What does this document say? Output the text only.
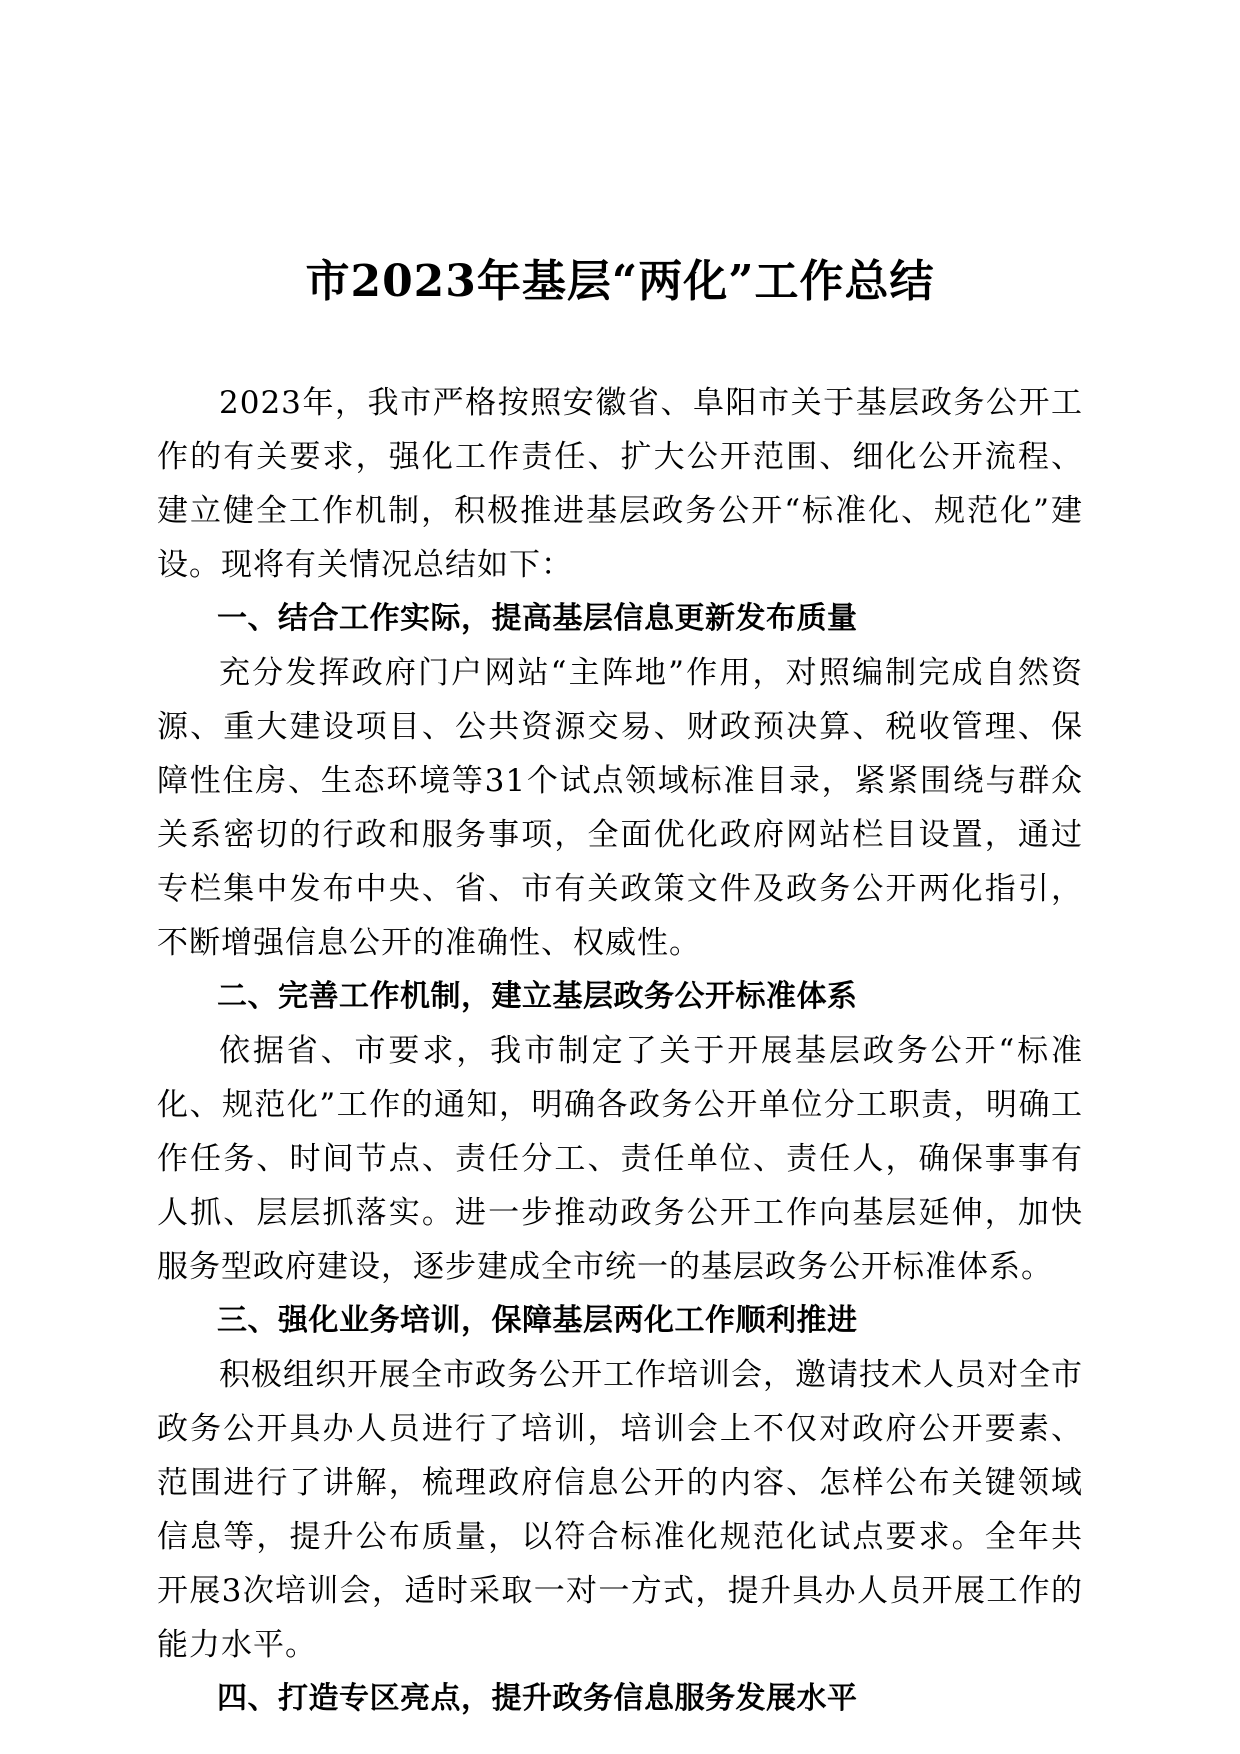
市2023年基层“两化”工作总结

2023年，我市严格按照安徽省、阜阳市关于基层政务公开工作的有关要求，强化工作责任、扩大公开范围、细化公开流程、建立健全工作机制，积极推进基层政务公开“标准化、规范化”建设。现将有关情况总结如下：

一、结合工作实际，提高基层信息更新发布质量

充分发挥政府门户网站“主阵地”作用，对照编制完成自然资源、重大建设项目、公共资源交易、财政预决算、税收管理、保障性住房、生态环境等31个试点领域标准目录，紧紧围绕与群众关系密切的行政和服务事项，全面优化政府网站栏目设置，通过专栏集中发布中央、省、市有关政策文件及政务公开两化指引，不断增强信息公开的准确性、权威性。

二、完善工作机制，建立基层政务公开标准体系

依据省、市要求，我市制定了关于开展基层政务公开“标准化、规范化”工作的通知，明确各政务公开单位分工职责，明确工作任务、时间节点、责任分工、责任单位、责任人，确保事事有人抓、层层抓落实。进一步推动政务公开工作向基层延伸，加快服务型政府建设，逐步建成全市统一的基层政务公开标准体系。

三、强化业务培训，保障基层两化工作顺利推进

积极组织开展全市政务公开工作培训会，邀请技术人员对全市政务公开具办人员进行了培训，培训会上不仅对政府公开要素、范围进行了讲解，梳理政府信息公开的内容、怎样公布关键领域信息等，提升公布质量，以符合标准化规范化试点要求。全年共开展3次培训会，适时采取一对一方式，提升具办人员开展工作的能力水平。

四、打造专区亮点，提升政务信息服务发展水平
